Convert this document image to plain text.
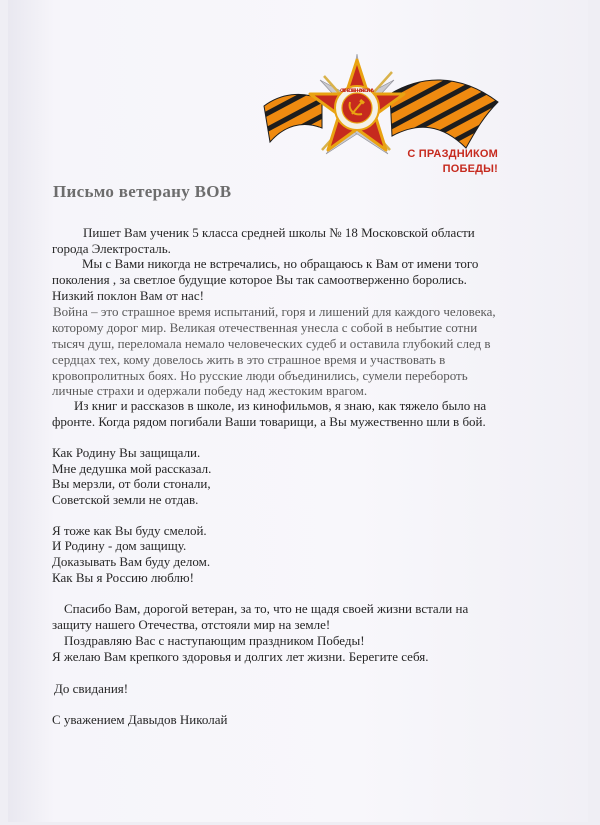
ОТЕЧЕСТВЕННАЯ ВОЙНА
С ПРАЗДНИКОМ
ПОБЕДЫ!
Письмо ветерану ВОВ
Пишет Вам ученик 5 класса средней школы № 18 Московской области
города Электросталь.
Мы с Вами никогда не встречались, но обращаюсь к Вам от имени того
поколения , за светлое будущие которое Вы так самоотверженно боролись.
Низкий поклон Вам от нас!
Война – это страшное время испытаний, горя и лишений для каждого человека,
которому дорог мир. Великая отечественная унесла с собой в небытие сотни
тысяч душ, переломала немало человеческих судеб и оставила глубокий след в
сердцах тех, кому довелось жить в это страшное время и участвовать в
кровопролитных боях. Но русские люди объединились, сумели перебороть
личные страхи и одержали победу над жестоким врагом.
Из книг и рассказов в школе, из кинофильмов, я знаю, как тяжело было на
фронте. Когда рядом погибали Ваши товарищи, а Вы мужественно шли в бой.
Как Родину Вы защищали.
Мне дедушка мой рассказал.
Вы мерзли, от боли стонали,
Советской земли не отдав.
Я тоже как Вы буду смелой.
И Родину - дом защищу.
Доказывать Вам буду делом.
Как Вы я Россию люблю!
Спасибо Вам, дорогой ветеран, за то, что не щадя своей жизни встали на
защиту нашего Отечества, отстояли мир на земле!
Поздравляю Вас с наступающим праздником Победы!
Я желаю Вам крепкого здоровья и долгих лет жизни. Берегите себя.
До свидания!
С уважением Давыдов Николай
